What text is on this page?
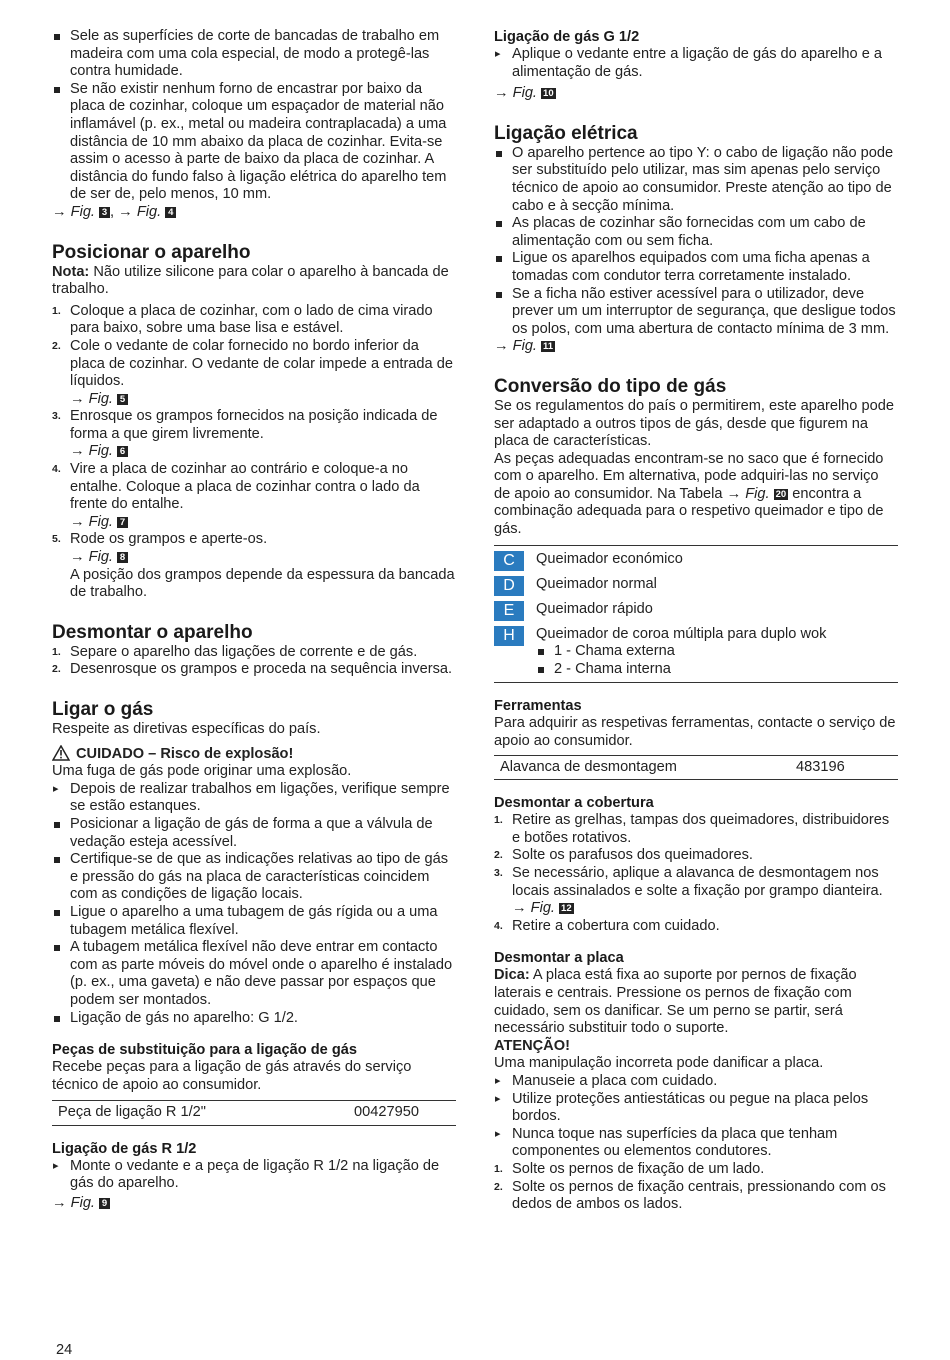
Sele as superfícies de corte de bancadas de trabalho em madeira com uma cola especial, de modo a protegê-las contra humidade.
Se não existir nenhum forno de encastrar por baixo da placa de cozinhar, coloque um espaçador de material não inflamável (p. ex., metal ou madeira contraplacada) a uma distância de 10 mm abaixo da placa de cozinhar. Evita-se assim o acesso à parte de baixo da placa de cozinhar. A distância do fundo falso à ligação elétrica do aparelho tem de ser de, pelo menos, 10 mm.

→ Fig. 3 , → Fig. 4

Posicionar o aparelho

Nota: Não utilize silicone para colar o aparelho à bancada de trabalho.

1. Coloque a placa de cozinhar, com o lado de cima virado para baixo, sobre uma base lisa e estável.
2. Cole o vedante de colar fornecido no bordo inferior da placa de cozinhar. O vedante de colar impede a entrada de líquidos.
→ Fig. 5
3. Enrosque os grampos fornecidos na posição indicada de forma a que girem livremente.
→ Fig. 6
4. Vire a placa de cozinhar ao contrário e coloque-a no entalhe. Coloque a placa de cozinhar contra o lado da frente do entalhe.
→ Fig. 7
5. Rode os grampos e aperte-os.
→ Fig. 8
A posição dos grampos depende da espessura da bancada de trabalho.
Desmontar o aparelho
1. Separe o aparelho das ligações de corrente e de gás.
2. Desenrosque os grampos e proceda na sequência inversa.
Ligar o gás

Respeite as diretivas específicas do país.

CUIDADO – Risco de explosão!

Uma fuga de gás pode originar uma explosão.

▸ Depois de realizar trabalhos em ligações, verifique sempre se estão estanques.
Posicionar a ligação de gás de forma a que a válvula de vedação esteja acessível.
Certifique-se de que as indicações relativas ao tipo de gás e pressão do gás na placa de características coincidem com as condições de ligação locais.
Ligue o aparelho a uma tubagem de gás rígida ou a uma tubagem metálica flexível.
A tubagem metálica flexível não deve entrar em contacto com as parte móveis do móvel onde o aparelho é instalado (p. ex., uma gaveta) e não deve passar por espaços que podem ser montados.
Ligação de gás no aparelho: G 1/2.
Peças de substituição para a ligação de gás

Recebe peças para a ligação de gás através do serviço técnico de apoio ao consumidor.

Peça de ligação R 1/2"	00427950
Ligação de gás R 1/2
▸ Monte o vedante e a peça de ligação R 1/2 na ligação de gás do aparelho.

→ Fig. 9

Ligação de gás G 1/2
▸ Aplique o vedante entre a ligação de gás do aparelho e a alimentação de gás.

→ Fig. 10

Ligação elétrica
O aparelho pertence ao tipo Y: o cabo de ligação não pode ser substituído pelo utilizar, mas sim apenas pelo serviço técnico de apoio ao consumidor. Preste atenção ao tipo de cabo e à secção mínima.
As placas de cozinhar são fornecidas com um cabo de alimentação com ou sem ficha.
Ligue os aparelhos equipados com uma ficha apenas a tomadas com condutor terra corretamente instalado.
Se a ficha não estiver acessível para o utilizador, deve prever um um interruptor de segurança, que desligue todos os polos, com uma abertura de contacto mínima de 3 mm.

→ Fig. 11

Conversão do tipo de gás

Se os regulamentos do país o permitirem, este aparelho pode ser adaptado a outros tipos de gás, desde que figurem na placa de características.

As peças adequadas encontram-se no saco que é fornecido com o aparelho. Em alternativa, pode adquiri-las no serviço de apoio ao consumidor. Na Tabela → Fig. 20 encontra a combinação adequada para o respetivo queimador e tipo de gás.

C	Queimador económico
D	Queimador normal
E	Queimador rápido
H	Queimador de coroa múltipla para duplo wok
1 - Chama externa
2 - Chama interna
Ferramentas

Para adquirir as respetivas ferramentas, contacte o serviço de apoio ao consumidor.

Alavanca de desmontagem	483196
Desmontar a cobertura
1. Retire as grelhas, tampas dos queimadores, distribuidores e botões rotativos.
2. Solte os parafusos dos queimadores.
3. Se necessário, aplique a alavanca de desmontagem nos locais assinalados e solte a fixação por grampo dianteira.
→ Fig. 12
4. Retire a cobertura com cuidado.
Desmontar a placa

Dica: A placa está fixa ao suporte por pernos de fixação laterais e centrais. Pressione os pernos de fixação com cuidado, sem os danificar. Se um perno se partir, será necessário substituir todo o suporte.

ATENÇÃO!

Uma manipulação incorreta pode danificar a placa.

▸ Manuseie a placa com cuidado.
▸ Utilize proteções antiestáticas ou pegue na placa pelos bordos.
▸ Nunca toque nas superfícies da placa que tenham componentes ou elementos condutores.
1. Solte os pernos de fixação de um lado.
2. Solte os pernos de fixação centrais, pressionando com os dedos de ambos os lados.
24
